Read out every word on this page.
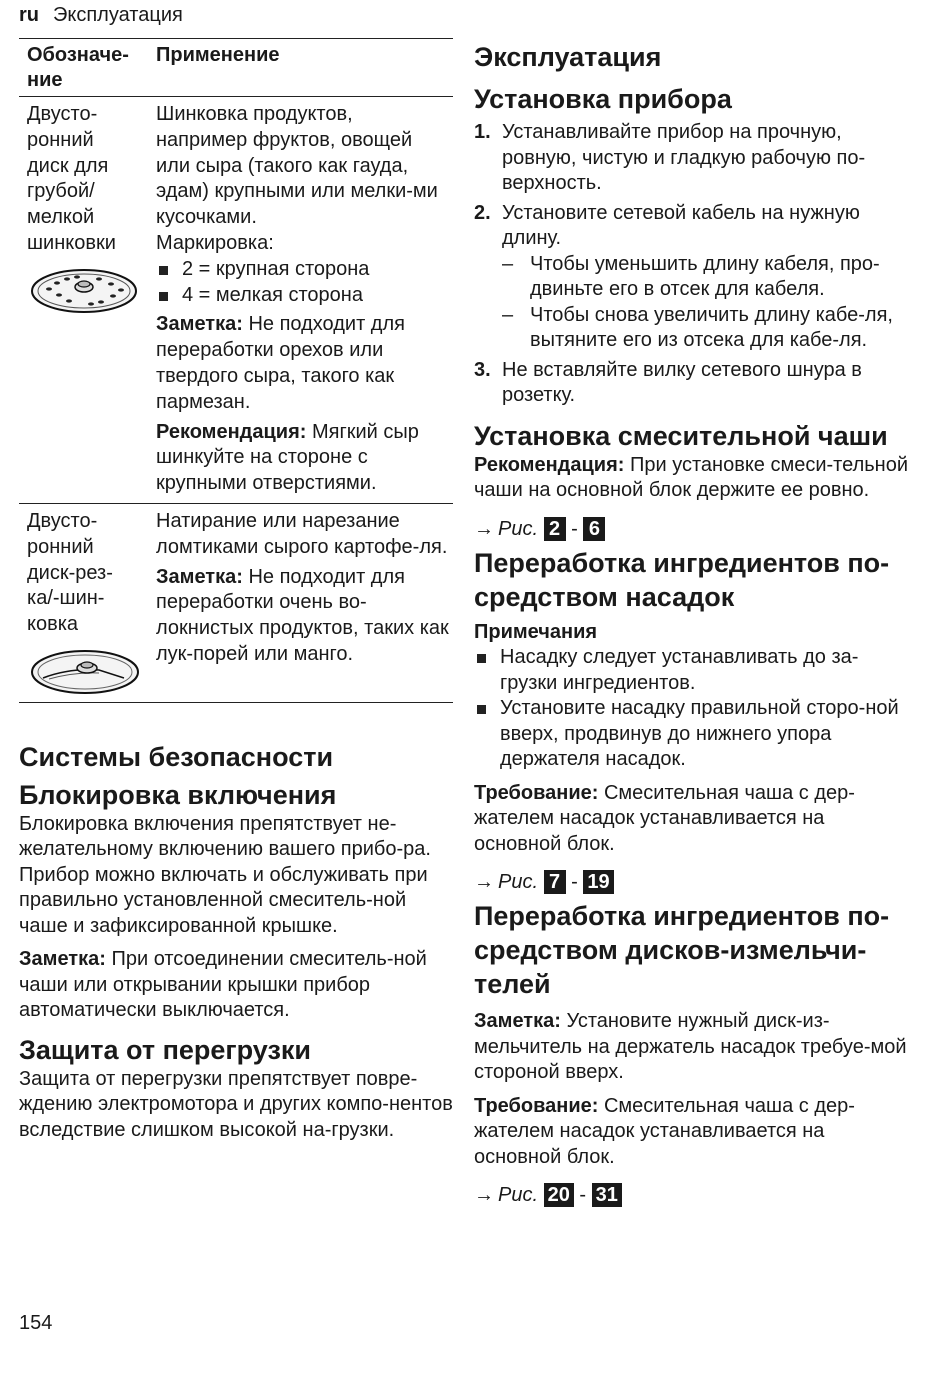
ru Эксплуатация
Обозначе-ние
Применение
Двусто-ронний диск для грубой/мелкой шинковки

Шинковка продуктов, например фруктов, овощей или сыра (такого как гауда, эдам) крупными или мелки-ми кусочками.

Маркировка:

2 = крупная сторона
4 = мелкая сторона

Заметка: Не подходит для переработки орехов или твердого сыра, такого как пармезан.

Рекомендация: Мягкий сыр шинкуйте на стороне с крупными отверстиями.

Двусто-ронний диск-рез-ка/-шин-ковка

Натирание или нарезание ломтиками сырого картофе-ля.

Заметка: Не подходит для переработки очень во-локнистых продуктов, таких как лук-порей или манго.

Системы безопасности
Блокировка включения

Блокировка включения препятствует не-желательному включению вашего прибо-ра.

Прибор можно включать и обслуживать при правильно установленной смеситель-ной чаше и зафиксированной крышке.

Заметка: При отсоединении смеситель-ной чаши или открывании крышки прибор автоматически выключается.

Защита от перегрузки

Защита от перегрузки препятствует повре-ждению электромотора и других компо-нентов вследствие слишком высокой на-грузки.

Эксплуатация
Установка прибора
1. Устанавливайте прибор на прочную, ровную, чистую и гладкую рабочую по-верхность.
2. Установите сетевой кабель на нужную длину.
– Чтобы уменьшить длину кабеля, про-двиньте его в отсек для кабеля.
– Чтобы снова увеличить длину кабе-ля, вытяните его из отсека для кабе-ля.
3. Не вставляйте вилку сетевого шнура в розетку.
Установка смесительной чаши

Рекомендация: При установке смеси-тельной чаши на основной блок держите ее ровно.

→ Рис. 2 - 6
Переработка ингредиентов по-средством насадок

Примечания

Насадку следует устанавливать до за-грузки ингредиентов.
Установите насадку правильной сторо-ной вверх, продвинув до нижнего упора держателя насадок.

Требование: Смесительная чаша с дер-жателем насадок устанавливается на основной блок.

→ Рис. 7 - 19
Переработка ингредиентов по-средством дисков-измельчи-телей

Заметка: Установите нужный диск-из-мельчитель на держатель насадок требуе-мой стороной вверх.

Требование: Смесительная чаша с дер-жателем насадок устанавливается на основной блок.

→ Рис. 20 - 31
154
